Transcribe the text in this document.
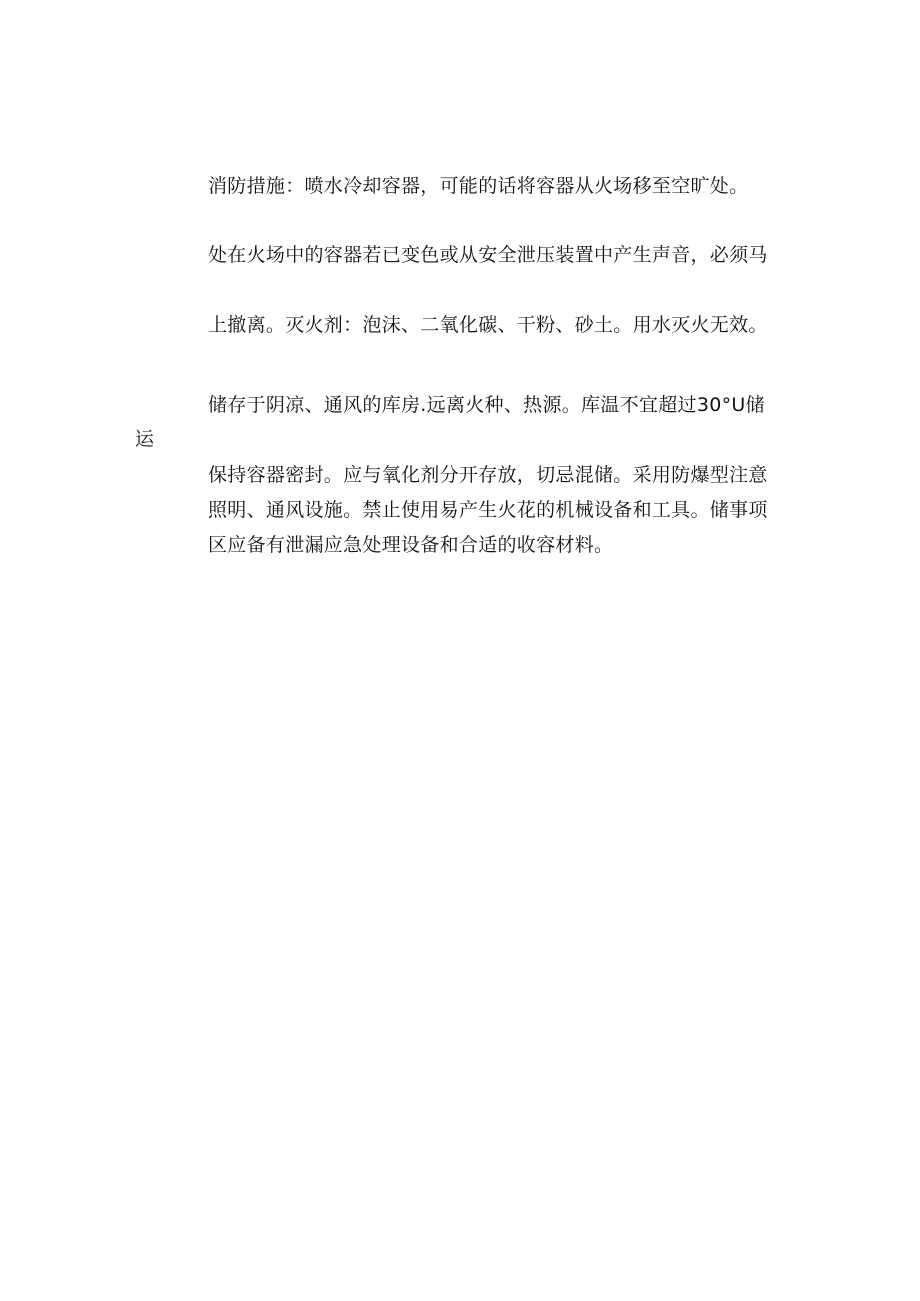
消防措施：喷水冷却容器，可能的话将容器从火场移至空旷处。

处在火场中的容器若已变色或从安全泄压装置中产生声音，必须马

上撤离。灭火剂：泡沫、二氧化碳、干粉、砂土。用水灭火无效。

储存于阴凉、通风的库房.远离火种、热源。库温不宜超过30°U储

运

保持容器密封。应与氧化剂分开存放，切忌混储。采用防爆型注意

照明、通风设施。禁止使用易产生火花的机械设备和工具。储事项

区应备有泄漏应急处理设备和合适的收容材料。
